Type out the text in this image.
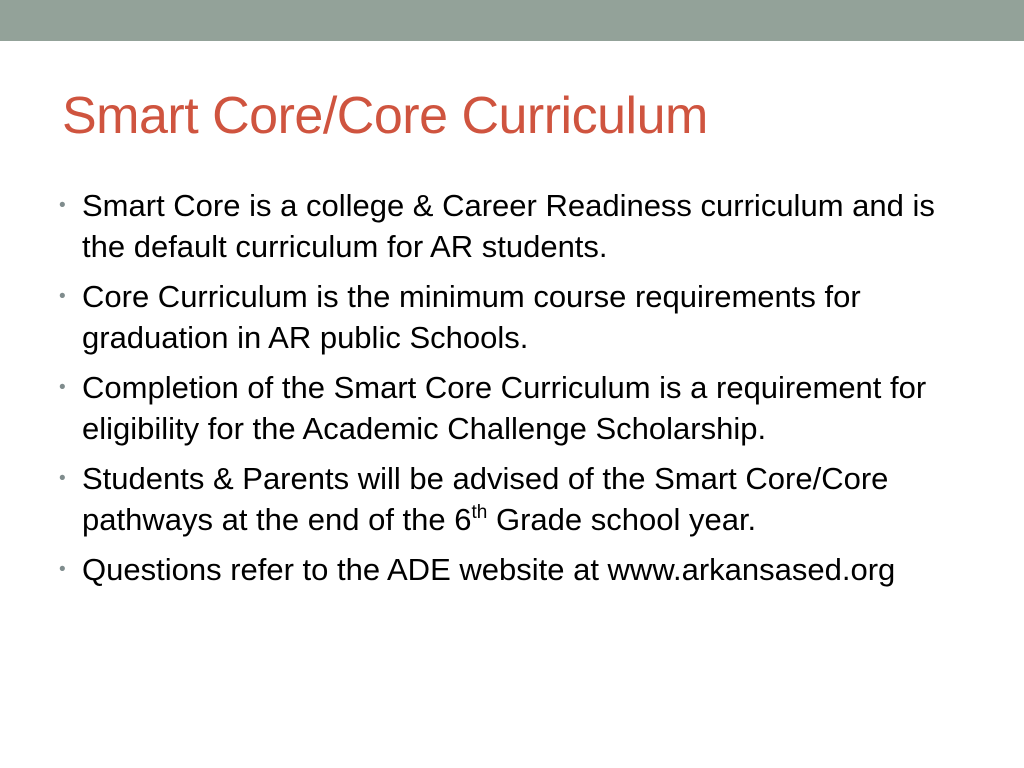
Smart Core/Core Curriculum
• Smart Core is a college & Career Readiness curriculum and is the default curriculum for AR students.
• Core Curriculum is the minimum course requirements for graduation in AR public Schools.
• Completion of the Smart Core Curriculum is a requirement for eligibility for the Academic Challenge Scholarship.
• Students & Parents will be advised of the Smart Core/Core pathways at the end of the 6th Grade school year.
• Questions refer to the ADE website at www.arkansased.org
